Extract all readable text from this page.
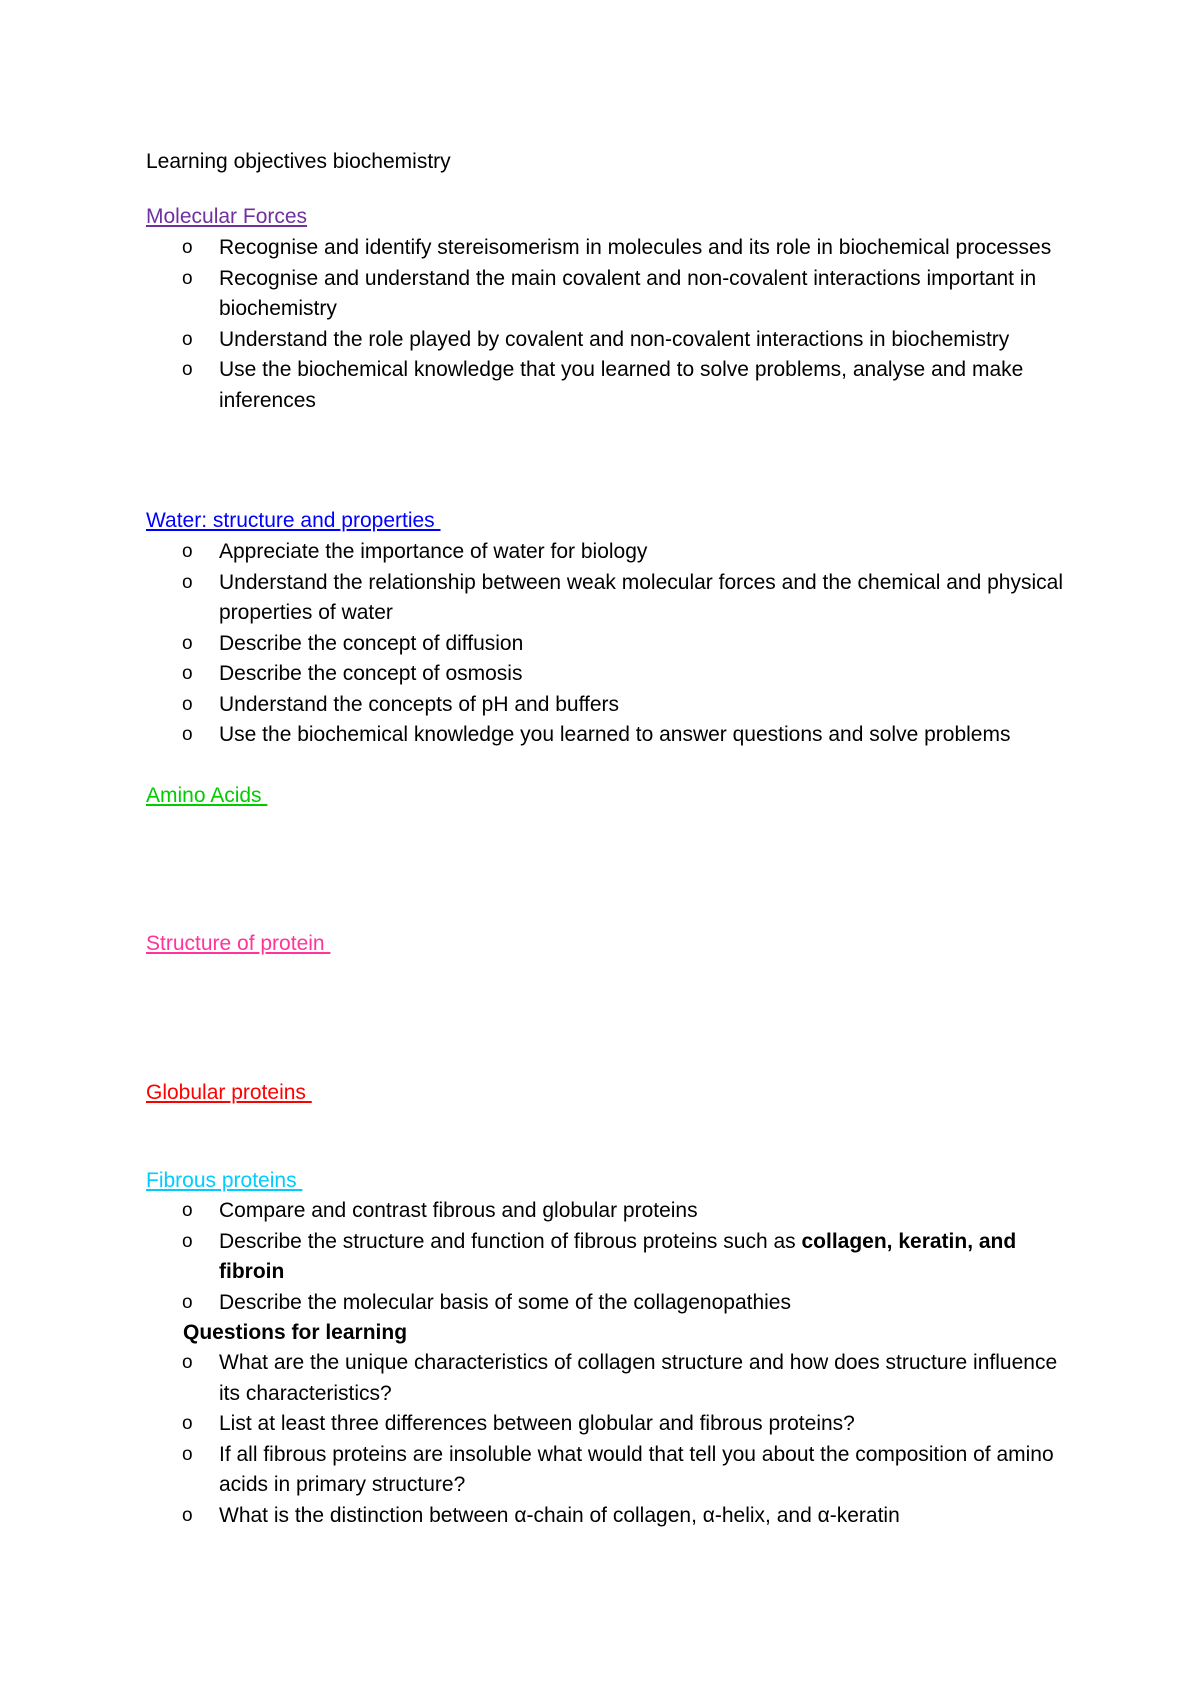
Learning objectives biochemistry
Molecular Forces
o	Recognise and identify stereisomerism in molecules and its role in biochemical processes
o	Recognise and understand the main covalent and non-covalent interactions important in biochemistry
o	Understand the role played by covalent and non-covalent interactions in biochemistry
o	Use the biochemical knowledge that you learned to solve problems, analyse and make inferences
Water: structure and properties
o	Appreciate the importance of water for biology
o	Understand the relationship between weak molecular forces and the chemical and physical properties of water
o	Describe the concept of diffusion
o	Describe the concept of osmosis
o	Understand the concepts of pH and buffers
o	Use the biochemical knowledge you learned to answer questions and solve problems
Amino Acids
Structure of protein
Globular proteins
Fibrous proteins
o	Compare and contrast fibrous and globular proteins
o	Describe the structure and function of fibrous proteins such as collagen, keratin, and fibroin
o	Describe the molecular basis of some of the collagenopathies
Questions for learning
o	What are the unique characteristics of collagen structure and how does structure influence its characteristics?
o	List at least three differences between globular and fibrous proteins?
o	If all fibrous proteins are insoluble what would that tell you about the composition of amino acids in primary structure?
o	What is the distinction between α-chain of collagen, α-helix, and α-keratin
